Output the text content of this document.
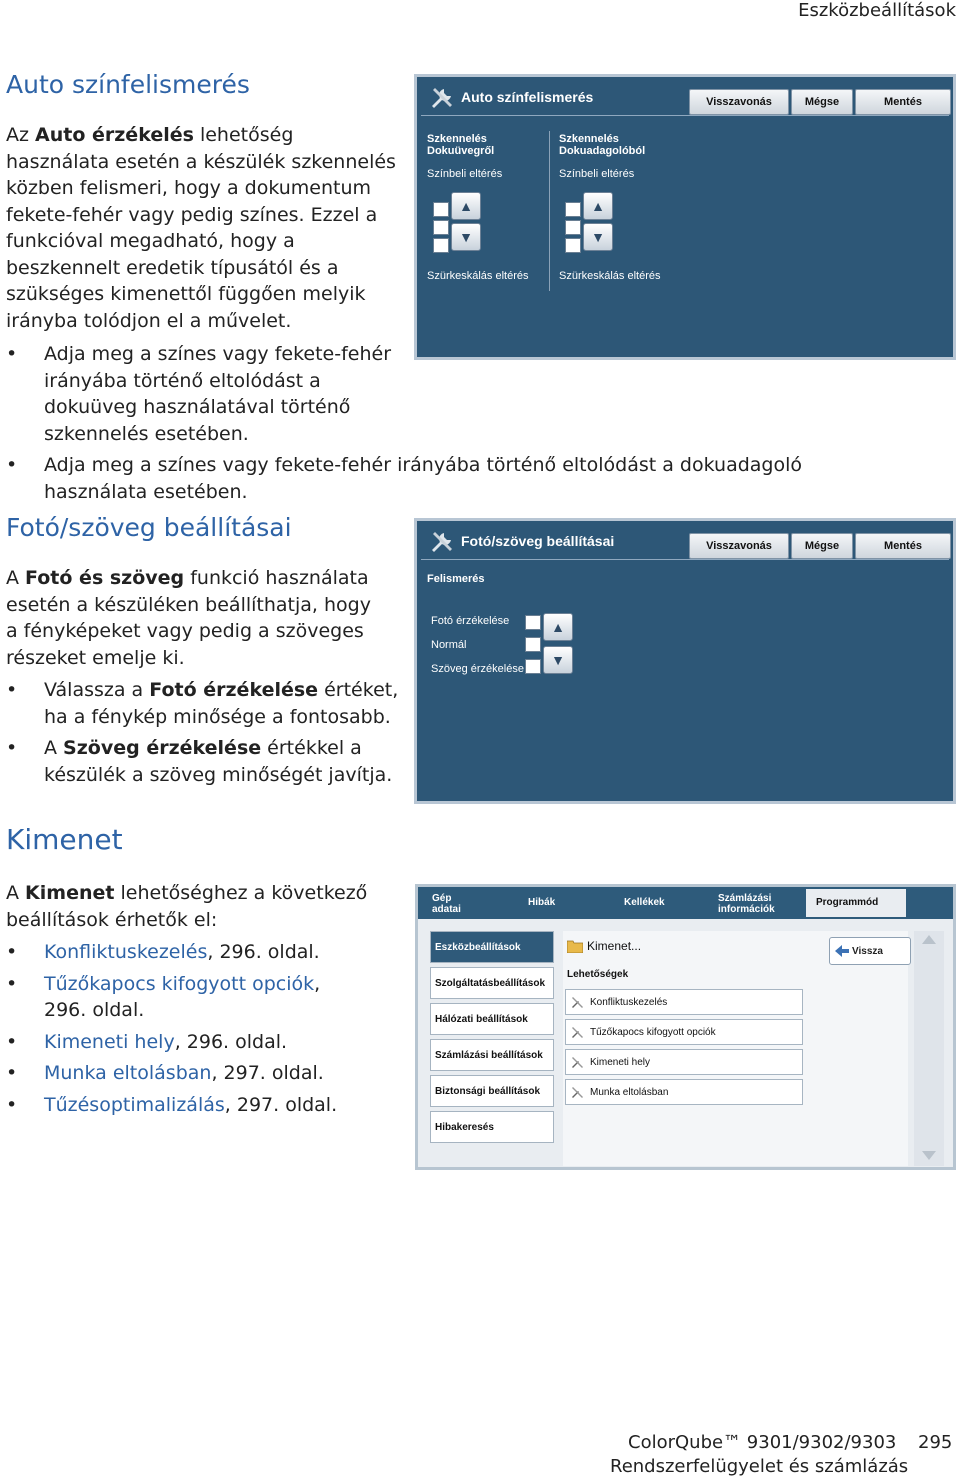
Eszközbeállítások
Auto színfelismerés

Az Auto érzékelés lehetőség használata esetén a készülék szkennelés közben felismeri, hogy a dokumentum fekete-fehér vagy pedig színes. Ezzel a funkcióval megadható, hogy a beszkennelt eredetik típusától és a szükséges kimenettől függően melyik irányba tolódjon el a művelet.

• Adja meg a színes vagy fekete-fehér irányába történő eltolódást a dokuüveg használatával történő szkennelés esetében.
• Adja meg a színes vagy fekete-fehér irányába történő eltolódást a dokuadagoló használata esetében.
Auto színfelismerés	Visszavonás	Mégse	Mentés
Szkennelés Dokuüvegről
Szkennelés Dokuadagolóból
Színbeli eltérés	Színbeli eltérés
▲
▼
▲
▼
Szürkeskálás eltérés	Szürkeskálás eltérés
Fotó/szöveg beállításai

A Fotó és szöveg funkció használata esetén a készüléken beállíthatja, hogy a fényképeket vagy pedig a szöveges részeket emelje ki.

• Válassza a Fotó érzékelése értéket, ha a fénykép minősége a fontosabb.
• A Szöveg érzékelése értékkel a készülék a szöveg minőségét javítja.
Fotó/szöveg beállításai	Visszavonás	Mégse	Mentés
Felismerés
Fotó érzékelése
Normál
Szöveg érzékelése
▲
▼
Kimenet

A Kimenet lehetőséghez a következő beállítások érhetők el:

• Konfliktuskezelés, 296. oldal.
• Tűzőkapocs kifogyott opciók, 296. oldal.
• Kimeneti hely, 296. oldal.
• Munka eltolásban, 297. oldal.
• Tűzésoptimalizálás, 297. oldal.
Gép adatai
Hibák	Kellékek	Számlázási információk
Programmód
Eszközbeállítások
Szolgáltatásbeállítások
Hálózati beállítások
Számlázási beállítások
Biztonsági beállítások
Hibakeresés
Kimenet...
Lehetőségek
Vissza
Konfliktuskezelés
Tűzőkapocs kifogyott opciók
Kimeneti hely
Munka eltolásban
ColorQube™ 9301/9302/9303 295
Rendszerfelügyelet és számlázás
